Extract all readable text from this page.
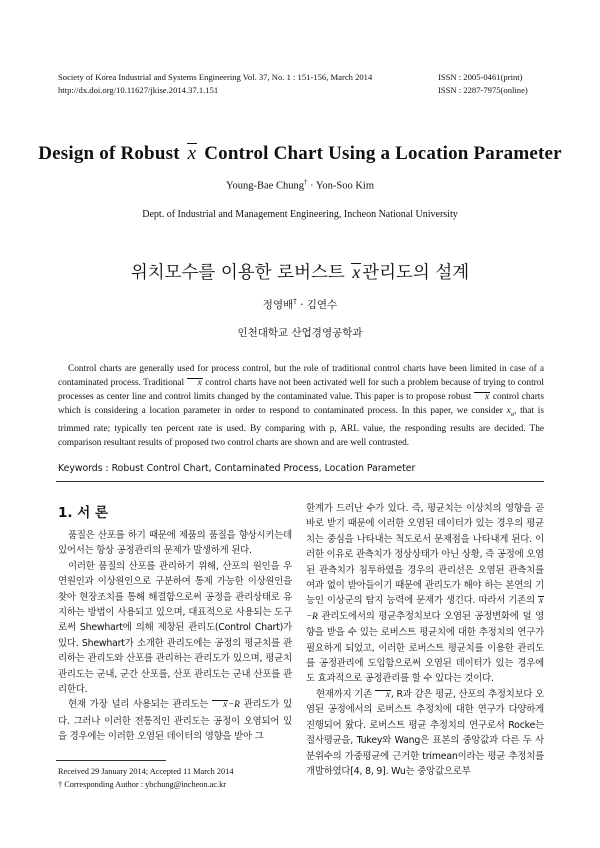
Society of Korea Industrial and Systems Engineering Vol. 37, No. 1 : 151-156, March 2014
http://dx.doi.org/10.11627/jkise.2014.37.1.151
ISSN : 2005-0461(print)
ISSN : 2287-7975(online)
Design of Robust x Control Chart Using a Location Parameter
Young-Bae Chung† · Yon-Soo Kim
Dept. of Industrial and Management Engineering, Incheon National University
위치모수를 이용한 로버스트 x 관리도의 설계
정영배† · 김연수
인천대학교 산업경영공학과

Control charts are generally used for process control, but the role of traditional control charts have been limited in case of a contaminated process. Traditional x control charts have not been activated well for such a problem because of trying to control processes as center line and control limits changed by the contaminated value. This paper is to propose robust x control charts which is considering a location parameter in order to respond to contaminated process. In this paper, we consider $x_\alpha$, that is trimmed rate; typically ten percent rate is used. By comparing with p, ARL value, the responding results are decided. The comparison resultant results of proposed two control charts are shown and are well contrasted.

Keywords : Robust Control Chart, Contaminated Process, Location Parameter
1. 서 론

품질은 산포를 하기 때문에 제품의 품질을 향상시키는데 있어서는 항상 공정관리의 문제가 발생하게 된다.

이러한 품질의 산포를 관리하기 위해, 산포의 원인을 우연원인과 이상원인으로 구분하여 통제 가능한 이상원인을 찾아 현장조치를 통해 해결함으로써 공정을 관리상태로 유지하는 방법이 사용되고 있으며, 대표적으로 사용되는 도구로써 Shewhart에 의해 제창된 관리도(Control Chart)가 있다. Shewhart가 소개한 관리도에는 공정의 평균치를 관리하는 관리도와 산포를 관리하는 관리도가 있으며, 평균치 관리도는 군내, 군간 산포를, 산포 관리도는 군내 산포를 관리한다.

현재 가장 널리 사용되는 관리도는 x−R 관리도가 있다. 그러나 이러한 전통적인 관리도는 공정이 오염되어 있을 경우에는 이러한 오염된 데이터의 영향을 받아 그

한계가 드러난 수가 있다. 즉, 평균치는 이상치의 영향을 곧바로 받기 때문에 이러한 오염된 데이터가 있는 경우의 평균치는 중심을 나타내는 척도로서 문제점을 나타내게 된다. 이러한 이유로 관측치가 정상상태가 아닌 상황, 즉 공정에 오염된 관측치가 침투하였을 경우의 관리선은 오염된 관측치를 여과 없이 받아들이기 때문에 관리도가 해야 하는 본연의 기능인 이상군의 탐지 능력에 문제가 생긴다. 따라서 기존의 x−R 관리도에서의 평균추정치보다 오염된 공정변화에 덜 영향을 받을 수 있는 로버스트 평균치에 대한 추정치의 연구가 필요하게 되었고, 이러한 로버스트 평균치를 이용한 관리도를 공정관리에 도입함으로써 오염된 데이터가 있는 경우에도 효과적으로 공정관리를 할 수 있다는 것이다.

현재까지 기존 x, R과 같은 평균, 산포의 추정치보다 오염된 공정에서의 로버스트 추정치에 대한 연구가 다양하게 진행되어 왔다. 로버스트 평균 추정치의 연구로서 Rocke는 절사평균을, Tukey와 Wang은 표본의 중앙값과 다른 두 사분위수의 가중평균에 근거한 trimean이라는 평균 추정치를 개발하였다[4, 8, 9]. Wu는 중앙값으로부

Received 29 January 2014; Accepted 11 March 2014
† Corresponding Author : ybchung@incheon.ac.kr
